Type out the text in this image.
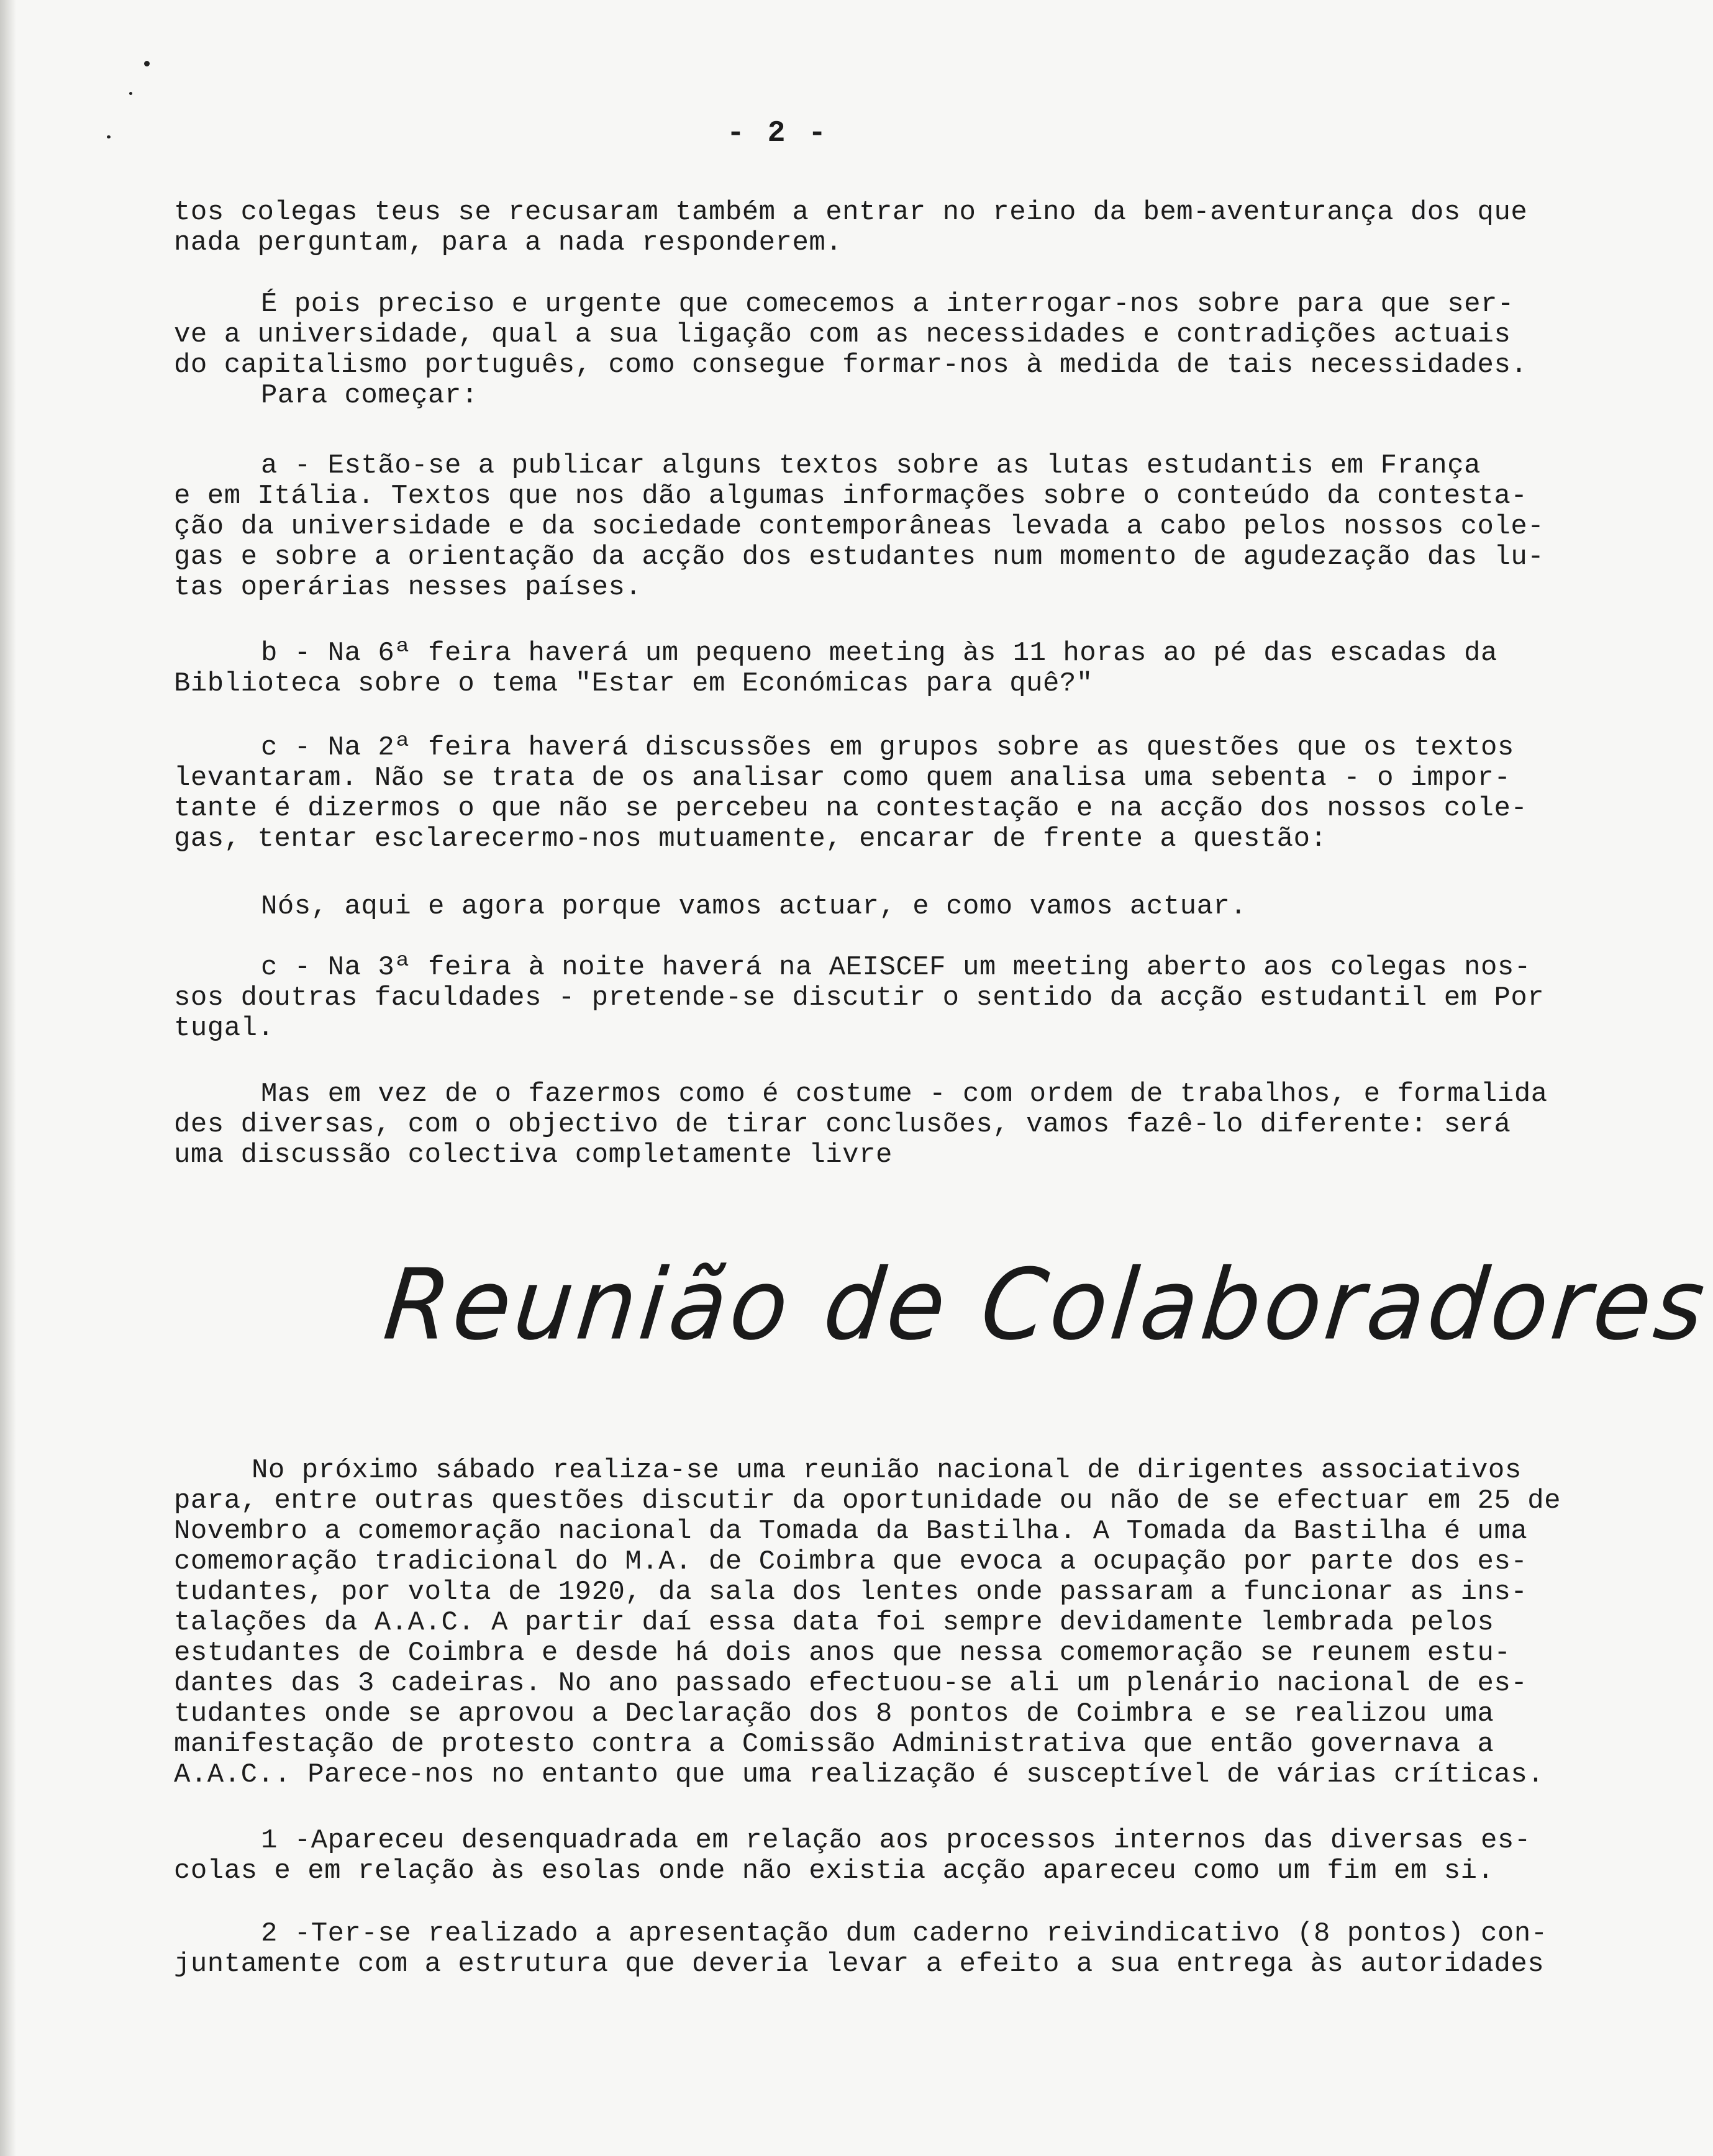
- 2 -
tos colegas teus se recusaram também a entrar no reino da bem-aventurança dos que
nada perguntam, para a nada responderem.
É pois preciso e urgente que comecemos a interrogar-nos sobre para que ser-
ve a universidade, qual a sua ligação com as necessidades e contradições actuais
do capitalismo português, como consegue formar-nos à medida de tais necessidades.
Para começar:
a - Estão-se a publicar alguns textos sobre as lutas estudantis em França
e em Itália. Textos que nos dão algumas informações sobre o conteúdo da contesta-
ção da universidade e da sociedade contemporâneas levada a cabo pelos nossos cole-
gas e sobre a orientação da acção dos estudantes num momento de agudezação das lu-
tas operárias nesses países.
b - Na 6ª feira haverá um pequeno meeting às 11 horas ao pé das escadas da
Biblioteca sobre o tema "Estar em Económicas para quê?"
c - Na 2ª feira haverá discussões em grupos sobre as questões que os textos
levantaram. Não se trata de os analisar como quem analisa uma sebenta - o impor-
tante é dizermos o que não se percebeu na contestação e na acção dos nossos cole-
gas, tentar esclarecermo-nos mutuamente, encarar de frente a questão:
Nós, aqui e agora porque vamos actuar, e como vamos actuar.
c - Na 3ª feira à noite haverá na AEISCEF um meeting aberto aos colegas nos-
sos doutras faculdades - pretende-se discutir o sentido da acção estudantil em Por
tugal.
Mas em vez de o fazermos como é costume - com ordem de trabalhos, e formalida
des diversas, com o objectivo de tirar conclusões, vamos fazê-lo diferente: será
uma discussão colectiva completamente livre
Reunião de Colaboradores
No próximo sábado realiza-se uma reunião nacional de dirigentes associativos
para, entre outras questões discutir da oportunidade ou não de se efectuar em 25 de
Novembro a comemoração nacional da Tomada da Bastilha. A Tomada da Bastilha é uma
comemoração tradicional do M.A. de Coimbra que evoca a ocupação por parte dos es-
tudantes, por volta de 1920, da sala dos lentes onde passaram a funcionar as ins-
talações da A.A.C. A partir daí essa data foi sempre devidamente lembrada pelos
estudantes de Coimbra e desde há dois anos que nessa comemoração se reunem estu-
dantes das 3 cadeiras. No ano passado efectuou-se ali um plenário nacional de es-
tudantes onde se aprovou a Declaração dos 8 pontos de Coimbra e se realizou uma
manifestação de protesto contra a Comissão Administrativa que então governava a
A.A.C.. Parece-nos no entanto que uma realização é susceptível de várias críticas.
1 -Apareceu desenquadrada em relação aos processos internos das diversas es-
colas e em relação às esolas onde não existia acção apareceu como um fim em si.
2 -Ter-se realizado a apresentação dum caderno reivindicativo (8 pontos) con-
juntamente com a estrutura que deveria levar a efeito a sua entrega às autoridades
